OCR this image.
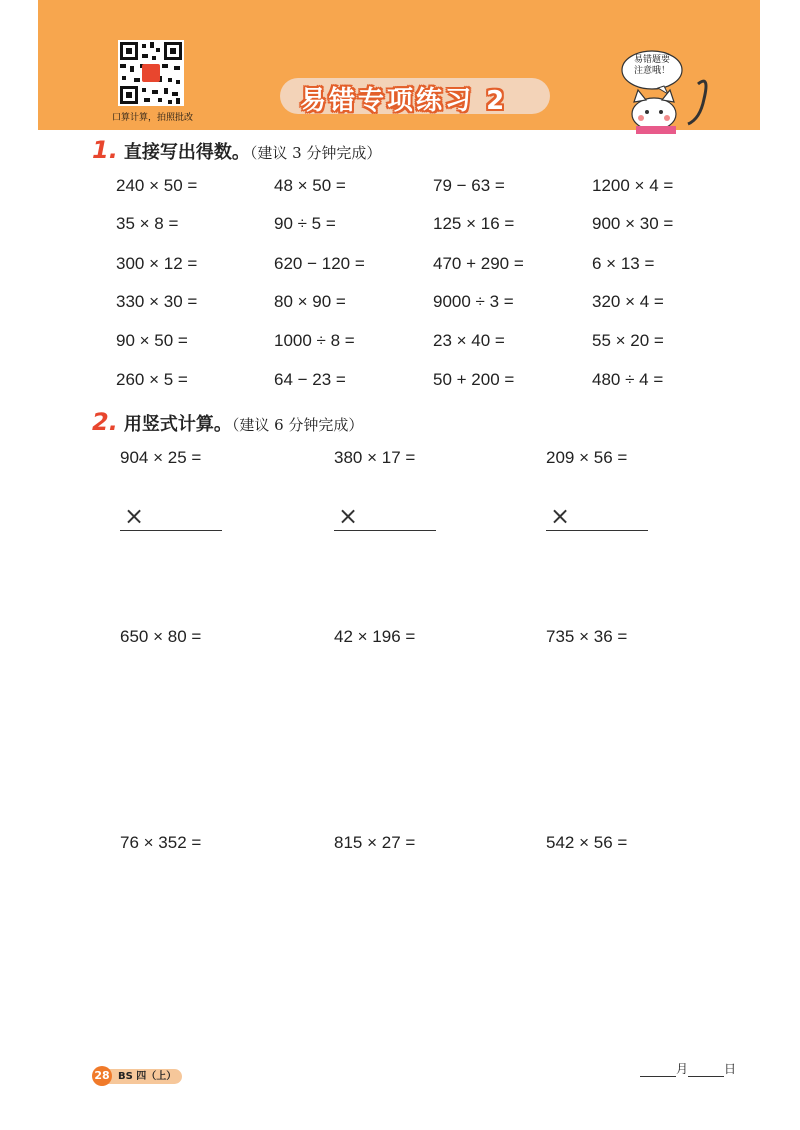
口算计算，拍照批改
易错专项练习 2
易错题要
注意哦！
1. 直接写出得数。（建议 3 分钟完成）
240 × 50 =	48 × 50 =	79 − 63 =	1200 × 4 =
35 × 8 =	90 ÷ 5 =	125 × 16 =	900 × 30 =
300 × 12 =	620 − 120 =	470 + 290 =	6 × 13 =
330 × 30 =	80 × 90 =	9000 ÷ 3 =	320 × 4 =
90 × 50 =	1000 ÷ 8 =	23 × 40 =	55 × 20 =
260 × 5 =	64 − 23 =	50 + 200 =	480 ÷ 4 =
2. 用竖式计算。（建议 6 分钟完成）
904 × 25 =	380 × 17 =	209 × 56 =
650 × 80 =	42 × 196 =	735 × 36 =
76 × 352 =	815 × 27 =	542 × 56 =
×	×	×
BS 四（上）
28	月	日
